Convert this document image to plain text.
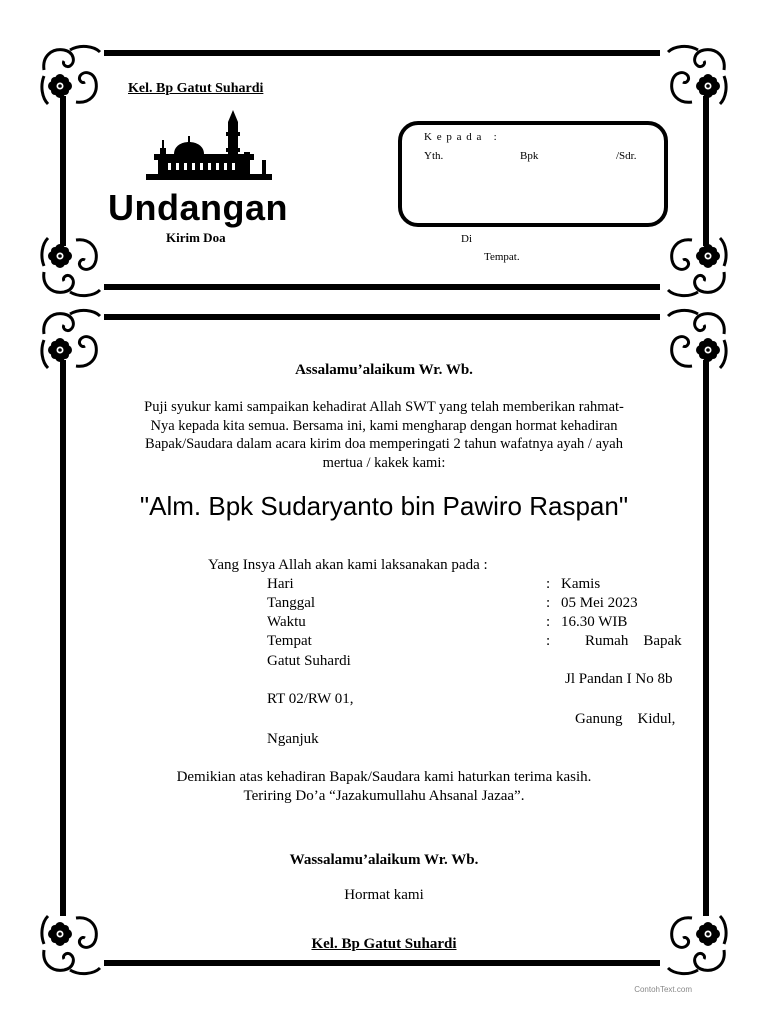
Kel. Bp Gatut Suhardi
Undangan
Kirim Doa
K e p a d a   :
Yth.	Bpk	/Sdr.
Di
Tempat.
Assalamu’alaikum Wr. Wb.
Puji syukur kami sampaikan kehadirat Allah SWT yang telah memberikan rahmat-
Nya kepada kita semua. Bersama ini, kami mengharap dengan hormat kehadiran
Bapak/Saudara dalam acara kirim doa memperingati 2 tahun wafatnya ayah / ayah
mertua / kakek kami:
"Alm. Bpk Sudaryanto bin Pawiro Raspan"
Yang Insya Allah akan kami laksanakan pada :
Hari	: Kamis
Tanggal	: 05 Mei 2023
Waktu	: 16.30 WIB
Tempat	: Rumah    Bapak
Gatut Suhardi
Jl Pandan I No 8b
RT 02/RW 01,
Ganung    Kidul,
Nganjuk
Demikian atas kehadiran Bapak/Saudara kami haturkan terima kasih.
Teriring Do’a “Jazakumullahu Ahsanal Jazaa”.
Wassalamu’alaikum Wr. Wb.
Hormat kami
Kel. Bp Gatut Suhardi
ContohText.com
